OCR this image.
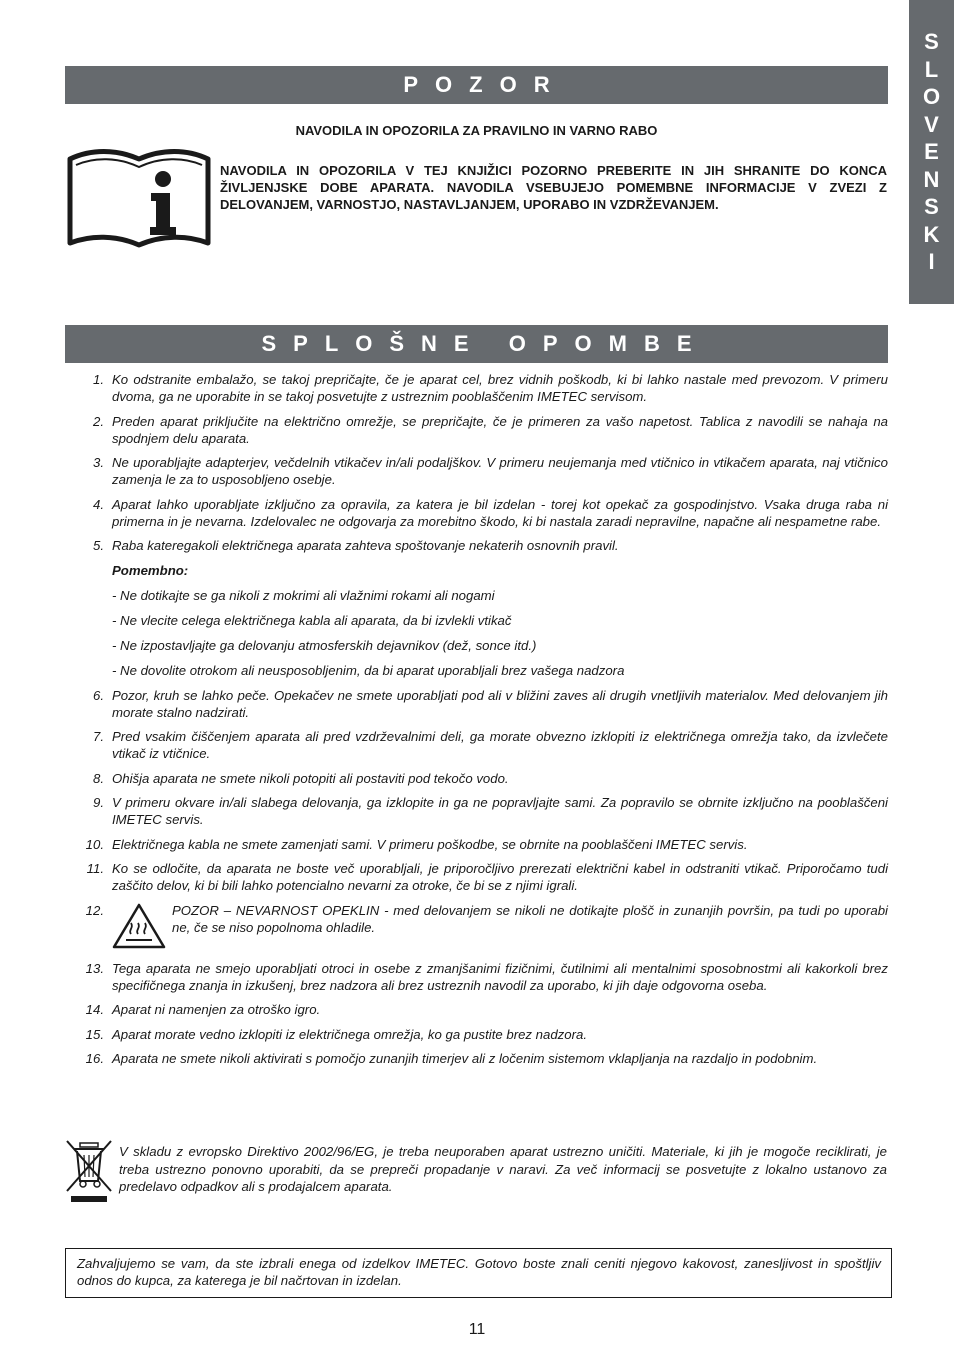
S
L
O
V
E
N
S
K
I
POZOR
NAVODILA IN OPOZORILA ZA PRAVILNO IN VARNO RABO
NAVODILA IN OPOZORILA V TEJ KNJIŽICI POZORNO PREBERITE IN JIH SHRANITE DO KONCA ŽIVLJENJSKE DOBE APARATA. NAVODILA VSEBUJEJO POMEMBNE INFORMACIJE V ZVEZI Z DELOVANJEM, VARNOSTJO, NASTAVLJANJEM, UPORABO IN VZDRŽEVANJEM.
SPLOŠNE OPOMBE
1. Ko odstranite embalažo, se takoj prepričajte, če je aparat cel, brez vidnih poškodb, ki bi lahko nastale med prevozom. V primeru dvoma, ga ne uporabite in se takoj posvetujte z ustreznim pooblaščenim IMETEC servisom.
2. Preden aparat priključite na električno omrežje, se prepričajte, če je primeren za vašo napetost. Tablica z navodili se nahaja na spodnjem delu aparata.
3. Ne uporabljajte adapterjev, večdelnih vtikačev in/ali podaljškov. V primeru neujemanja med vtičnico in vtikačem aparata, naj vtičnico zamenja le za to usposobljeno osebje.
4. Aparat lahko uporabljate izključno za opravila, za katera je bil izdelan - torej kot opekač za gospodinjstvo. Vsaka druga raba ni primerna in je nevarna. Izdelovalec ne odgovarja za morebitno škodo, ki bi nastala zaradi nepravilne, napačne ali nespametne rabe.
5. Raba kateregakoli električnega aparata zahteva spoštovanje nekaterih osnovnih pravil.
Pomembno:
- Ne dotikajte se ga nikoli z mokrimi ali vlažnimi rokami ali nogami
- Ne vlecite celega električnega kabla ali aparata, da bi izvlekli vtikač
- Ne izpostavljajte ga delovanju atmosferskih dejavnikov (dež, sonce itd.)
- Ne dovolite otrokom ali neusposobljenim, da bi aparat uporabljali brez vašega nadzora
6. Pozor, kruh se lahko peče. Opekačev ne smete uporabljati pod ali v bližini zaves ali drugih vnetljivih materialov. Med delovanjem jih morate stalno nadzirati.
7. Pred vsakim čiščenjem aparata ali pred vzdrževalnimi deli, ga morate obvezno izklopiti iz električnega omrežja tako, da izvlečete vtikač iz vtičnice.
8. Ohišja aparata ne smete nikoli potopiti ali postaviti pod tekočo vodo.
9. V primeru okvare in/ali slabega delovanja, ga izklopite in ga ne popravljajte sami. Za popravilo se obrnite izključno na pooblaščeni IMETEC servis.
10. Električnega kabla ne smete zamenjati sami. V primeru poškodbe, se obrnite na pooblaščeni IMETEC servis.
11. Ko se odločite, da aparata ne boste več uporabljali, je priporočljivo prerezati električni kabel in odstraniti vtikač. Priporočamo tudi zaščito delov, ki bi bili lahko potencialno nevarni za otroke, če bi se z njimi igrali.
12.	POZOR – NEVARNOST OPEKLIN - med delovanjem se nikoli ne dotikajte plošč in zunanjih površin, pa tudi po uporabi ne, če se niso popolnoma ohladile.
13. Tega aparata ne smejo uporabljati otroci in osebe z zmanjšanimi fizičnimi, čutilnimi ali mentalnimi sposobnostmi ali kakorkoli brez specifičnega znanja in izkušenj, brez nadzora ali brez ustreznih navodil za uporabo, ki jih daje odgovorna oseba.
14. Aparat ni namenjen za otroško igro.
15. Aparat morate vedno izklopiti iz električnega omrežja, ko ga pustite brez nadzora.
16. Aparata ne smete nikoli aktivirati s pomočjo zunanjih timerjev ali z ločenim sistemom vklapljanja na razdaljo in podobnim.
V skladu z evropsko Direktivo 2002/96/EG, je treba neuporaben aparat ustrezno uničiti. Materiale, ki jih je mogoče reciklirati, je treba ustrezno ponovno uporabiti, da se prepreči propadanje v naravi. Za več informacij se posvetujte z lokalno ustanovo za predelavo odpadkov ali s prodajalcem aparata.
Zahvaljujemo se vam, da ste izbrali enega od izdelkov IMETEC. Gotovo boste znali ceniti njegovo kakovost, zanesljivost in spoštljiv odnos do kupca, za katerega je bil načrtovan in izdelan.
11
